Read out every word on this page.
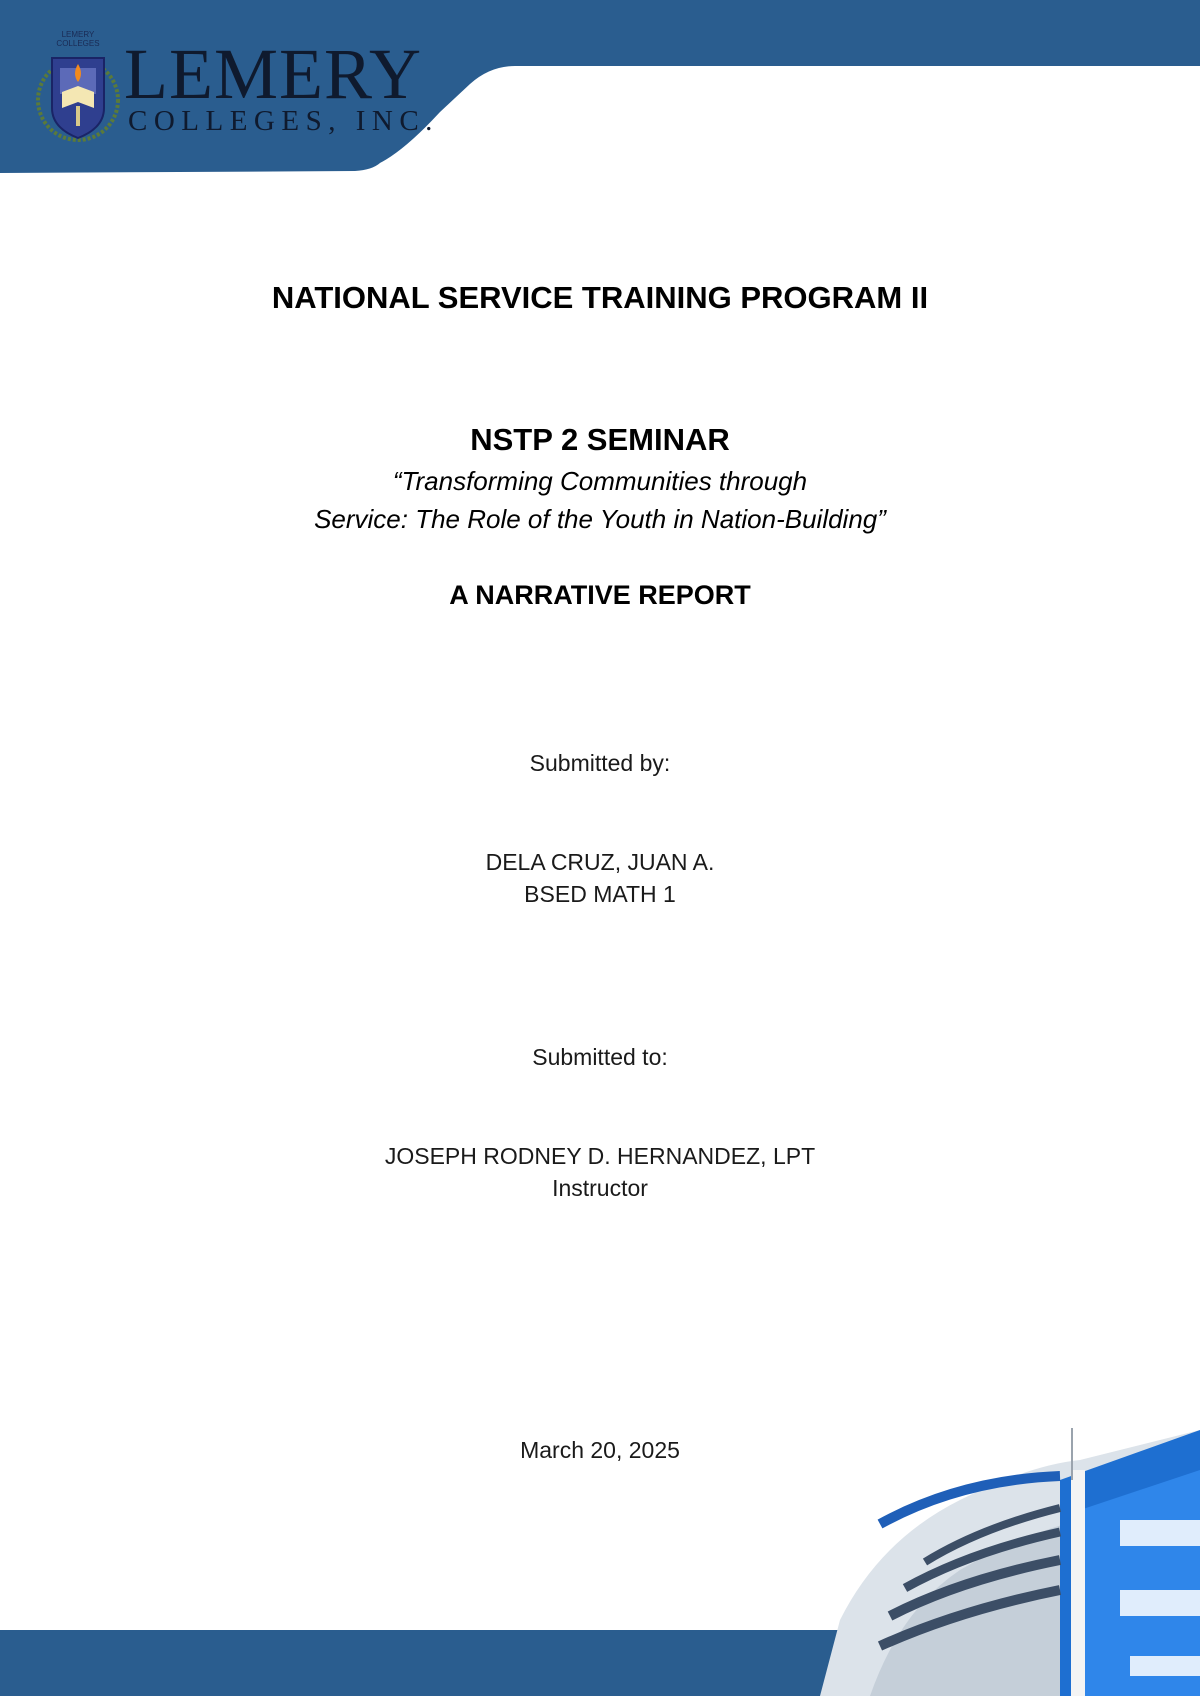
LEMERY
COLLEGES LEMERY
COLLEGES, INC.
NATIONAL SERVICE TRAINING PROGRAM II
NSTP 2 SEMINAR
“Transforming Communities through
Service: The Role of the Youth in Nation-Building”
A NARRATIVE REPORT
Submitted by:
DELA CRUZ, JUAN A.
BSED MATH 1
Submitted to:
JOSEPH RODNEY D. HERNANDEZ, LPT
Instructor
March 20, 2025
